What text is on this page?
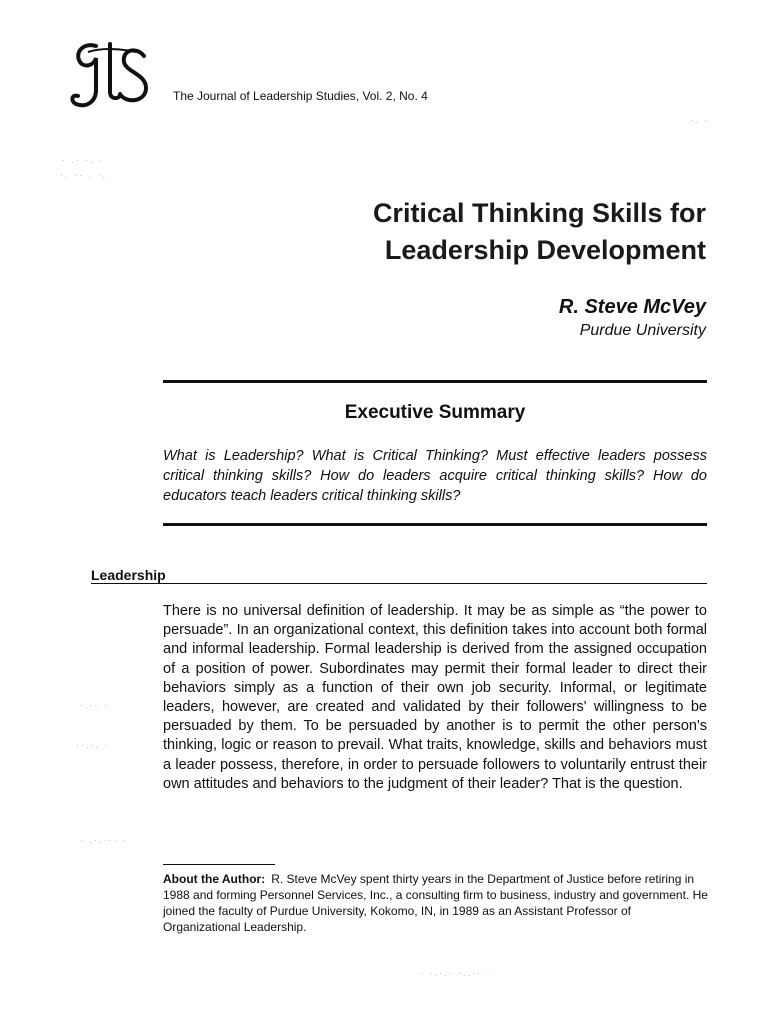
The Journal of Leadership Studies, Vol. 2, No. 4
Critical Thinking Skills for
Leadership Development
R. Steve McVey
Purdue University
Executive Summary
What is Leadership? What is Critical Thinking? Must effective leaders possess critical thinking skills? How do leaders acquire critical thinking skills? How do educators teach leaders critical thinking skills?
Leadership
There is no universal definition of leadership. It may be as simple as “the power to persuade”. In an organizational context, this definition takes into account both formal and informal leadership. Formal leadership is derived from the assigned occupation of a position of power. Subordinates may permit their formal leader to direct their behaviors simply as a function of their own job security. Informal, or legitimate leaders, however, are created and validated by their followers' willingness to be persuaded by them. To be persuaded by another is to permit the other person's thinking, logic or reason to prevail. What traits, knowledge, skills and behaviors must a leader possess, therefore, in order to persuade followers to voluntarily entrust their own attitudes and behaviors to the judgment of their leader? That is the question.
About the Author: R. Steve McVey spent thirty years in the Department of Justice before retiring in 1988 and forming Personnel Services, Inc., a consulting firm to business, industry and government. He joined the faculty of Purdue University, Kokomo, IN, in 1989 as an Assistant Professor of Organizational Leadership.
· .· ·. ·
·. ·· . ·.
·. ·
·.·· ·
··.·. ·
· .·.··· ·
· ·.·.· ·..·· ·
